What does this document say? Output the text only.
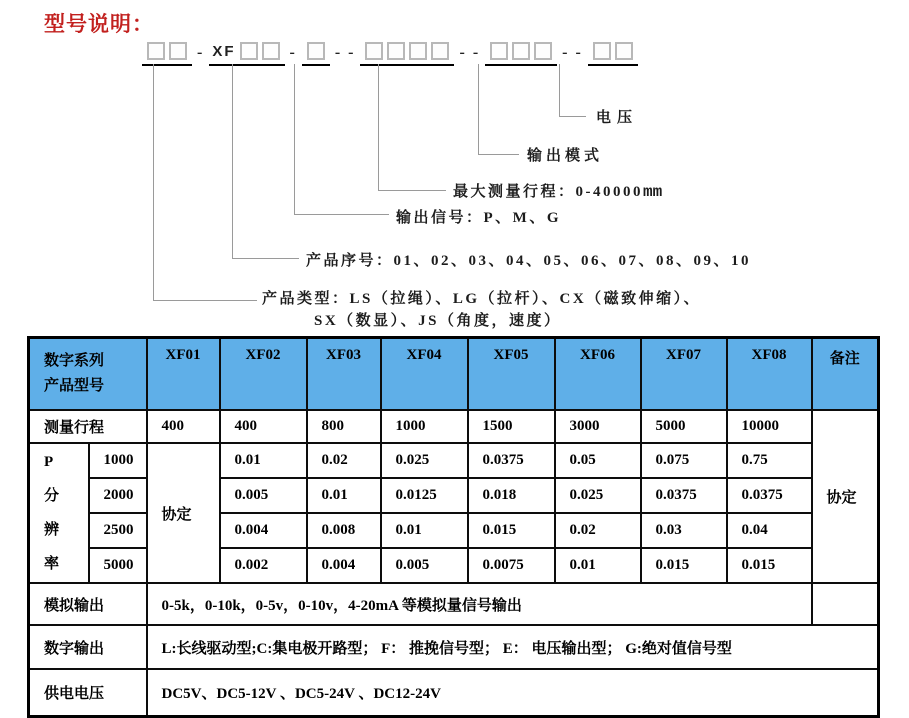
型号说明：
- XF	- - -	- -	- -
电压
输出模式
最大测量行程：0-40000mm
输出信号：P、M、G
产品序号：01、02、03、04、05、06、07、08、09、10
产品类型：LS（拉绳）、LG（拉杆）、CX（磁致伸缩）、
SX（数显）、JS（角度，速度）
数字系列
产品型号		XF01	XF02	XF03	XF04	XF05	XF06	XF07	XF08	备注
测量行程		400	400	800	1000	1500	3000	5000	10000	协定

P
分
辨
率	1000	协定	0.01	0.02	0.025	0.0375	0.05	0.075	0.75	
	2000		0.005	0.01	0.0125	0.018	0.025	0.0375	0.0375	
	2500		0.004	0.008	0.01	0.015	0.02	0.03	0.04	
	5000		0.002	0.004	0.005	0.0075	0.01	0.015	0.015	
模拟输出		0-5k，0-10k，0-5v，0-10v，4-20mA 等模拟量信号输出								
数字输出		L:长线驱动型;C:集电极开路型； F： 推挽信号型； E： 电压输出型； G:绝对值信号型								
供电电压		DC5V、DC5-12V 、DC5-24V 、DC12-24V								
